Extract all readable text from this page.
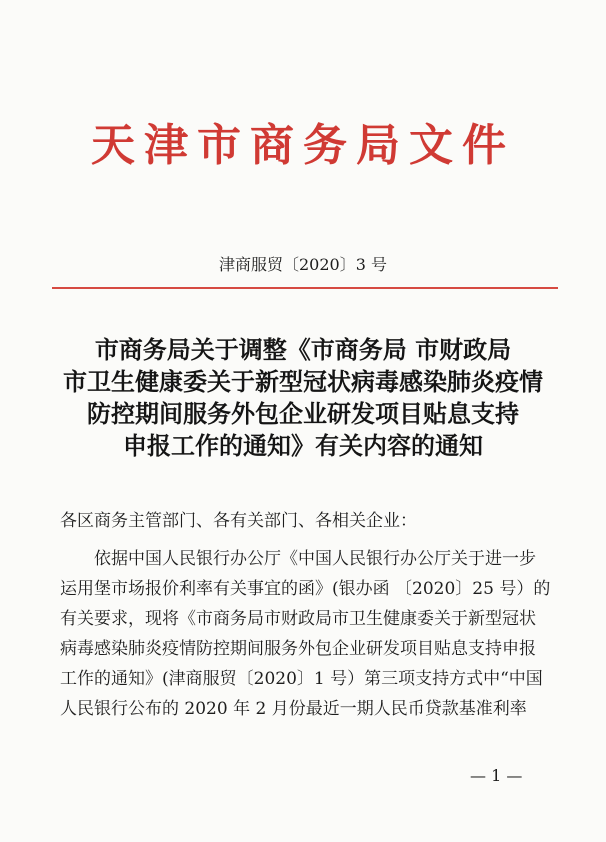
天津市商务局文件
津商服贸〔2020〕3 号
市商务局关于调整《市商务局 市财政局
市卫生健康委关于新型冠状病毒感染肺炎疫情
防控期间服务外包企业研发项目贴息支持
申报工作的通知》有关内容的通知

各区商务主管部门、各有关部门、各相关企业：

依据中国人民银行办公厅《中国人民银行办公厅关于进一步
运用堡市场报价利率有关事宜的函》(银办函 〔2020〕25 号）的
有关要求，现将《市商务局市财政局市卫生健康委关于新型冠状
病毒感染肺炎疫情防控期间服务外包企业研发项目贴息支持申报
工作的通知》(津商服贸〔2020〕1 号）第三项支持方式中“中国
人民银行公布的 2020 年 2 月份最近一期人民币贷款基准利率
— 1 —
